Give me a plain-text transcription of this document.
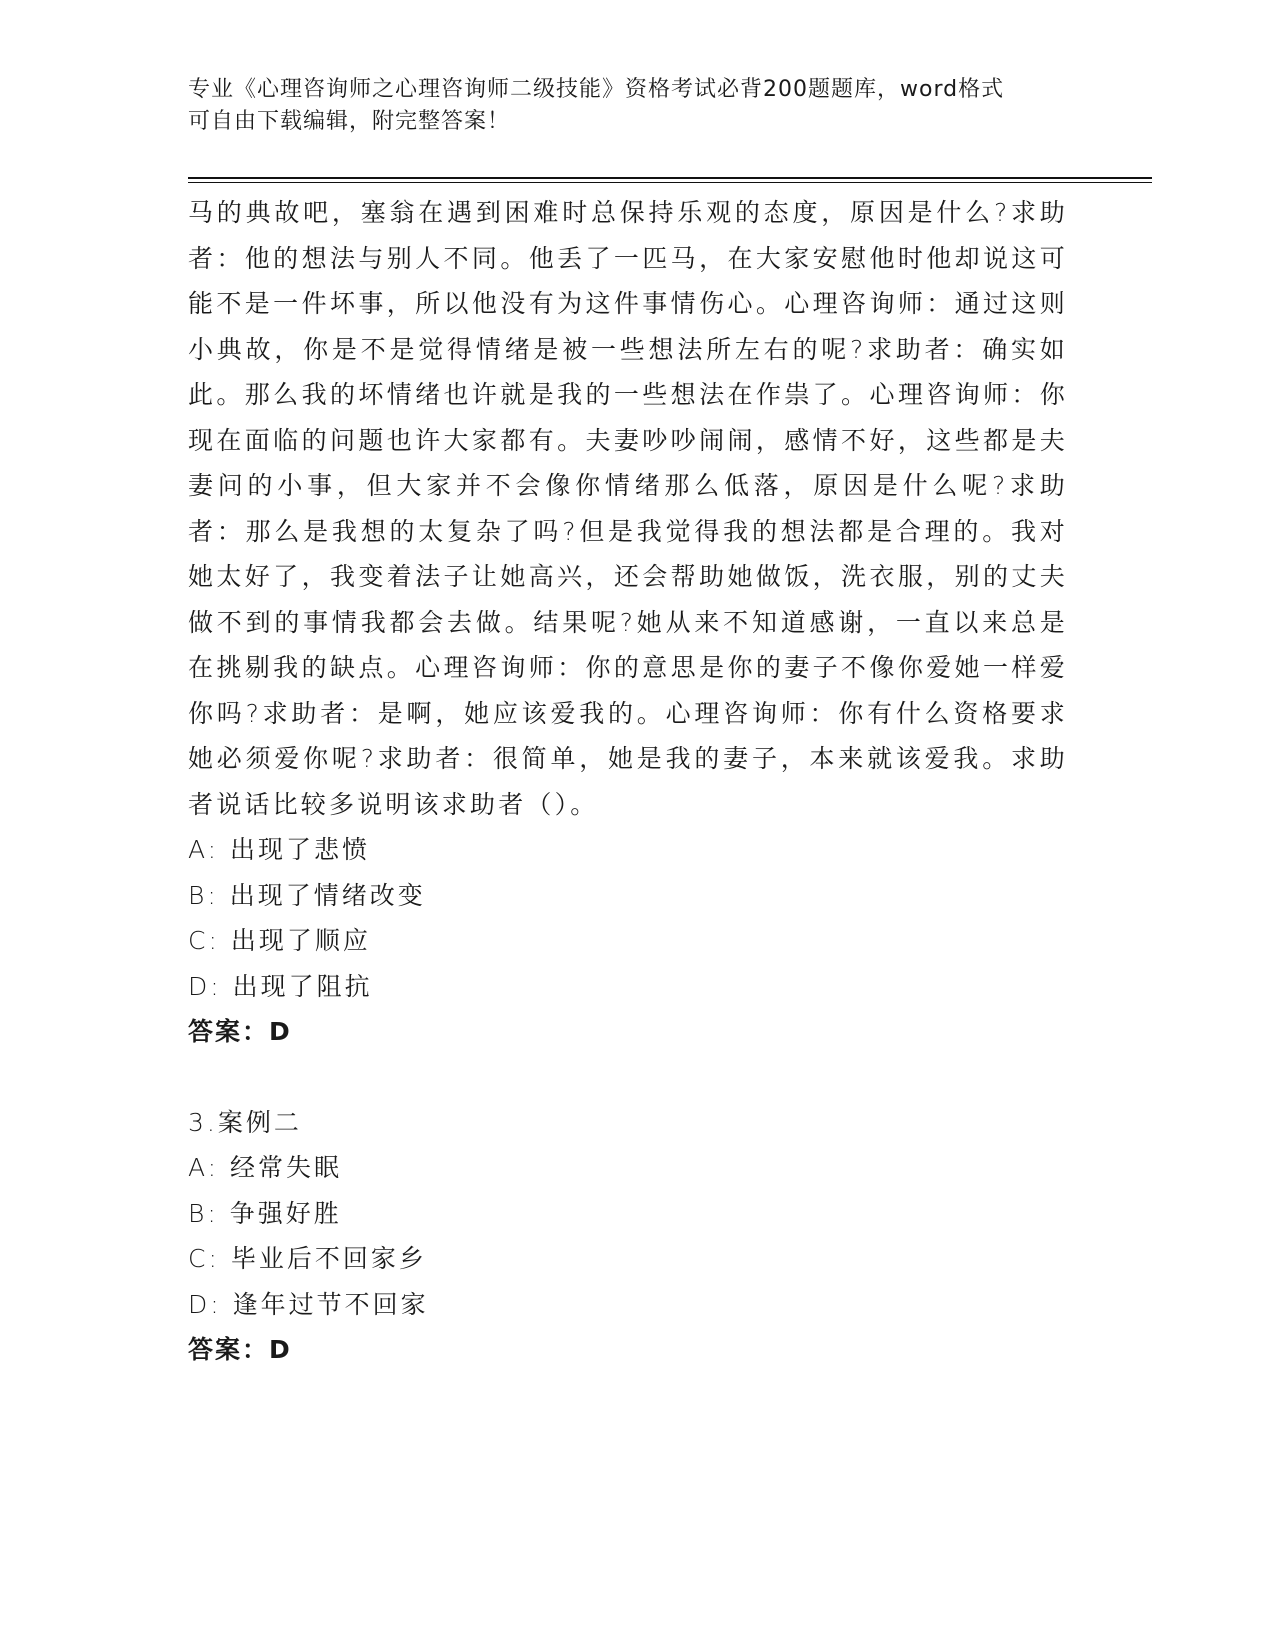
专业《心理咨询师之心理咨询师二级技能》资格考试必背200题题库，word格式
可自由下载编辑，附完整答案！

马的典故吧，塞翁在遇到困难时总保持乐观的态度，原因是什么?求助者：他的想法与别人不同。他丢了一匹马，在大家安慰他时他却说这可能不是一件坏事，所以他没有为这件事情伤心。心理咨询师：通过这则小典故，你是不是觉得情绪是被一些想法所左右的呢?求助者：确实如此。那么我的坏情绪也许就是我的一些想法在作祟了。心理咨询师：你现在面临的问题也许大家都有。夫妻吵吵闹闹，感情不好，这些都是夫妻问的小事，但大家并不会像你情绪那么低落，原因是什么呢?求助者：那么是我想的太复杂了吗?但是我觉得我的想法都是合理的。我对她太好了，我变着法子让她高兴，还会帮助她做饭，洗衣服，别的丈夫做不到的事情我都会去做。结果呢?她从来不知道感谢，一直以来总是在挑剔我的缺点。心理咨询师：你的意思是你的妻子不像你爱她一样爱你吗?求助者：是啊，她应该爱我的。心理咨询师：你有什么资格要求她必须爱你呢?求助者：很简单，她是我的妻子，本来就该爱我。求助者说话比较多说明该求助者（）。

A: 出现了悲愤

B: 出现了情绪改变

C: 出现了顺应

D: 出现了阻抗

答案：D

3.案例二

A: 经常失眠

B: 争强好胜

C: 毕业后不回家乡

D: 逢年过节不回家

答案：D
